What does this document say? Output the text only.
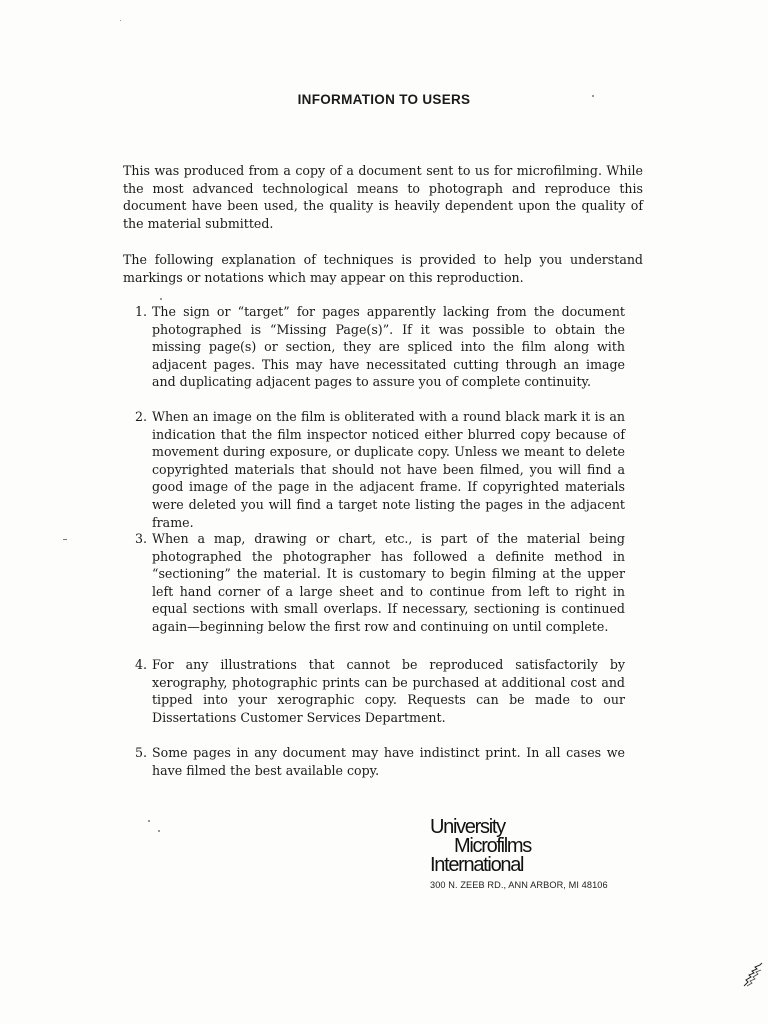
INFORMATION TO USERS
This was produced from a copy of a document sent to us for microfilming. While the most advanced technological means to photograph and reproduce this document have been used, the quality is heavily dependent upon the quality of the material submitted.
The following explanation of techniques is provided to help you understand markings or notations which may appear on this reproduction.
1. The sign or “target” for pages apparently lacking from the document photographed is “Missing Page(s)”. If it was possible to obtain the missing page(s) or section, they are spliced into the film along with adjacent pages. This may have necessitated cutting through an image and duplicating adjacent pages to assure you of complete continuity.
2. When an image on the film is obliterated with a round black mark it is an indication that the film inspector noticed either blurred copy because of movement during exposure, or duplicate copy. Unless we meant to delete copyrighted materials that should not have been filmed, you will find a good image of the page in the adjacent frame. If copyrighted materials were deleted you will find a target note listing the pages in the adjacent frame.
3. When a map, drawing or chart, etc., is part of the material being photographed the photographer has followed a definite method in “sectioning” the material. It is customary to begin filming at the upper left hand corner of a large sheet and to continue from left to right in equal sections with small overlaps. If necessary, sectioning is continued again—beginning below the first row and continuing on until complete.
4. For any illustrations that cannot be reproduced satisfactorily by xerography, photographic prints can be purchased at additional cost and tipped into your xerographic copy. Requests can be made to our Dissertations Customer Services Department.
5. Some pages in any document may have indistinct print. In all cases we have filmed the best available copy.
University
Microfilms
International
300 N. ZEEB RD., ANN ARBOR, MI 48106
